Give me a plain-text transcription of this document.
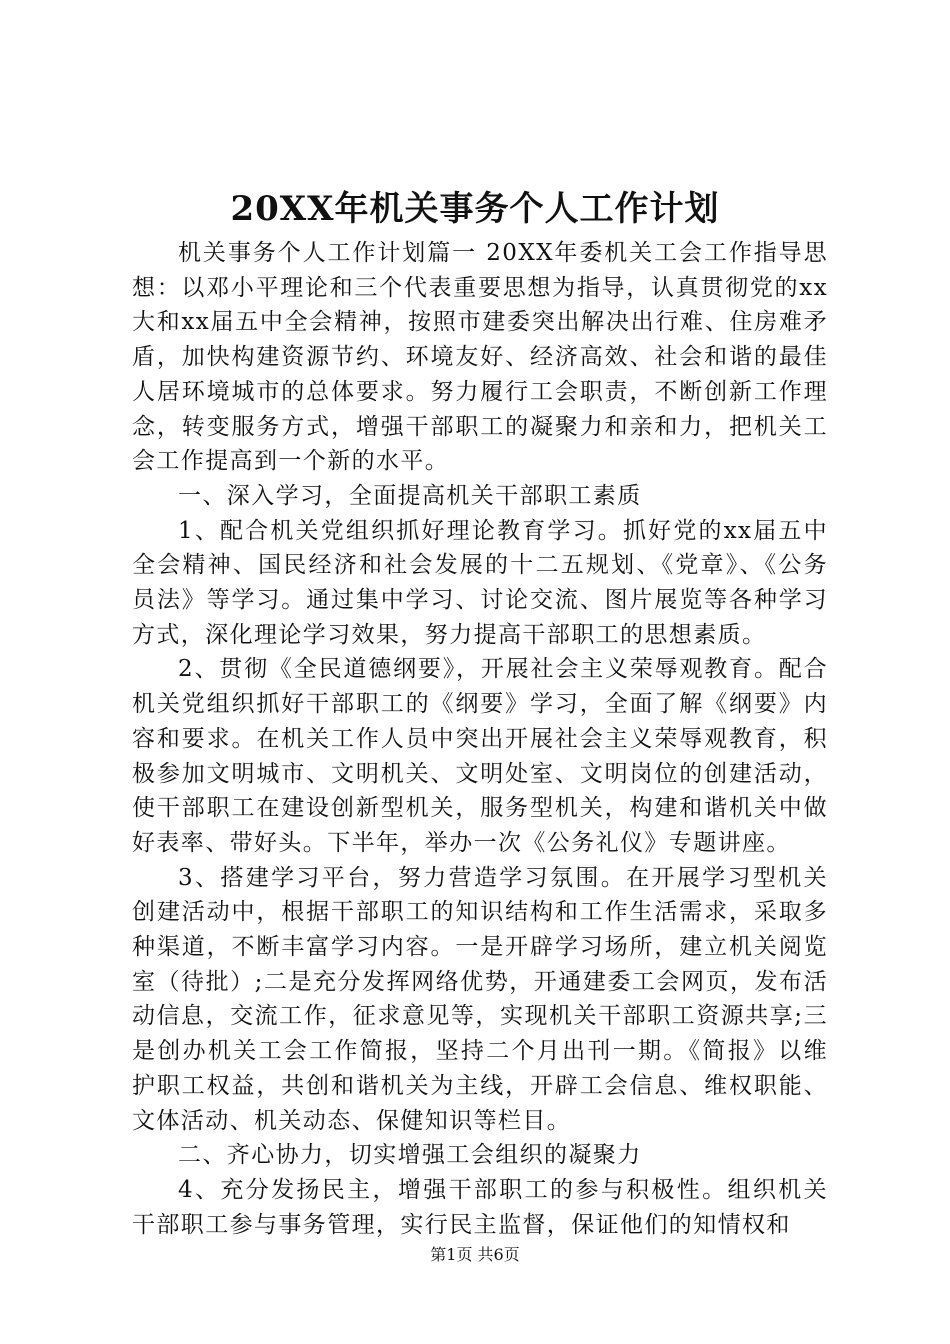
20XX年机关事务个人工作计划

机关事务个人工作计划篇一 20XX年委机关工会工作指导思想：以邓小平理论和三个代表重要思想为指导，认真贯彻党的xx大和xx届五中全会精神，按照市建委突出解决出行难、住房难矛盾，加快构建资源节约、环境友好、经济高效、社会和谐的最佳人居环境城市的总体要求。努力履行工会职责，不断创新工作理念，转变服务方式，增强干部职工的凝聚力和亲和力，把机关工会工作提高到一个新的水平。

一、深入学习，全面提高机关干部职工素质

1、配合机关党组织抓好理论教育学习。抓好党的xx届五中全会精神、国民经济和社会发展的十二五规划、《党章》、《公务员法》等学习。通过集中学习、讨论交流、图片展览等各种学习方式，深化理论学习效果，努力提高干部职工的思想素质。

2、贯彻《全民道德纲要》，开展社会主义荣辱观教育。配合机关党组织抓好干部职工的《纲要》学习，全面了解《纲要》内容和要求。在机关工作人员中突出开展社会主义荣辱观教育，积极参加文明城市、文明机关、文明处室、文明岗位的创建活动，使干部职工在建设创新型机关，服务型机关，构建和谐机关中做好表率、带好头。下半年，举办一次《公务礼仪》专题讲座。

3、搭建学习平台，努力营造学习氛围。在开展学习型机关创建活动中，根据干部职工的知识结构和工作生活需求，采取多种渠道，不断丰富学习内容。一是开辟学习场所，建立机关阅览室（待批）;二是充分发挥网络优势，开通建委工会网页，发布活动信息，交流工作，征求意见等，实现机关干部职工资源共享;三是创办机关工会工作简报，坚持二个月出刊一期。《简报》以维护职工权益，共创和谐机关为主线，开辟工会信息、维权职能、文体活动、机关动态、保健知识等栏目。

二、齐心协力，切实增强工会组织的凝聚力

4、充分发扬民主，增强干部职工的参与积极性。组织机关干部职工参与事务管理，实行民主监督，保证他们的知情权和

第1页 共6页
